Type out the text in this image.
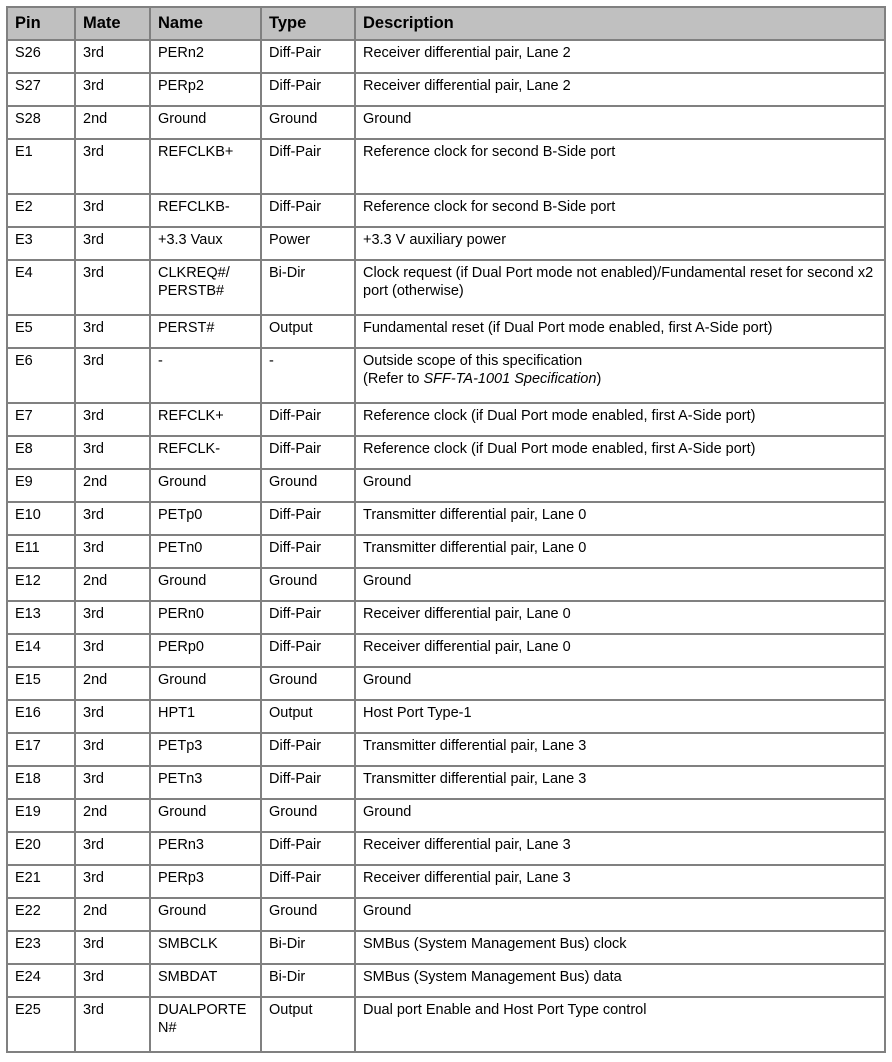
Pin	Mate	Name	Type	Description
S26	3rd	PERn2	Diff-Pair	Receiver differential pair, Lane 2
S27	3rd	PERp2	Diff-Pair	Receiver differential pair, Lane 2
S28	2nd	Ground	Ground	Ground
E1	3rd	REFCLKB+	Diff-Pair	Reference clock for second B-Side port
E2	3rd	REFCLKB-	Diff-Pair	Reference clock for second B-Side port
E3	3rd	+3.3 Vaux	Power	+3.3 V auxiliary power
E4	3rd	CLKREQ#/ PERSTB#	Bi-Dir	Clock request (if Dual Port mode not enabled)/Fundamental reset for second x2 port (otherwise)
E5	3rd	PERST#	Output	Fundamental reset (if Dual Port mode enabled, first A-Side port)
E6	3rd	-	-	Outside scope of this specification
(Refer to SFF-TA-1001 Specification)

E7	3rd	REFCLK+	Diff-Pair	Reference clock (if Dual Port mode enabled, first A-Side port)
E8	3rd	REFCLK-	Diff-Pair	Reference clock (if Dual Port mode enabled, first A-Side port)
E9	2nd	Ground	Ground	Ground
E10	3rd	PETp0	Diff-Pair	Transmitter differential pair, Lane 0
E11	3rd	PETn0	Diff-Pair	Transmitter differential pair, Lane 0
E12	2nd	Ground	Ground	Ground
E13	3rd	PERn0	Diff-Pair	Receiver differential pair, Lane 0
E14	3rd	PERp0	Diff-Pair	Receiver differential pair, Lane 0
E15	2nd	Ground	Ground	Ground
E16	3rd	HPT1	Output	Host Port Type-1
E17	3rd	PETp3	Diff-Pair	Transmitter differential pair, Lane 3
E18	3rd	PETn3	Diff-Pair	Transmitter differential pair, Lane 3
E19	2nd	Ground	Ground	Ground
E20	3rd	PERn3	Diff-Pair	Receiver differential pair, Lane 3
E21	3rd	PERp3	Diff-Pair	Receiver differential pair, Lane 3
E22	2nd	Ground	Ground	Ground
E23	3rd	SMBCLK	Bi-Dir	SMBus (System Management Bus) clock
E24	3rd	SMBDAT	Bi-Dir	SMBus (System Management Bus) data
E25	3rd	DUALPORTEN#	Output	Dual port Enable and Host Port Type control
